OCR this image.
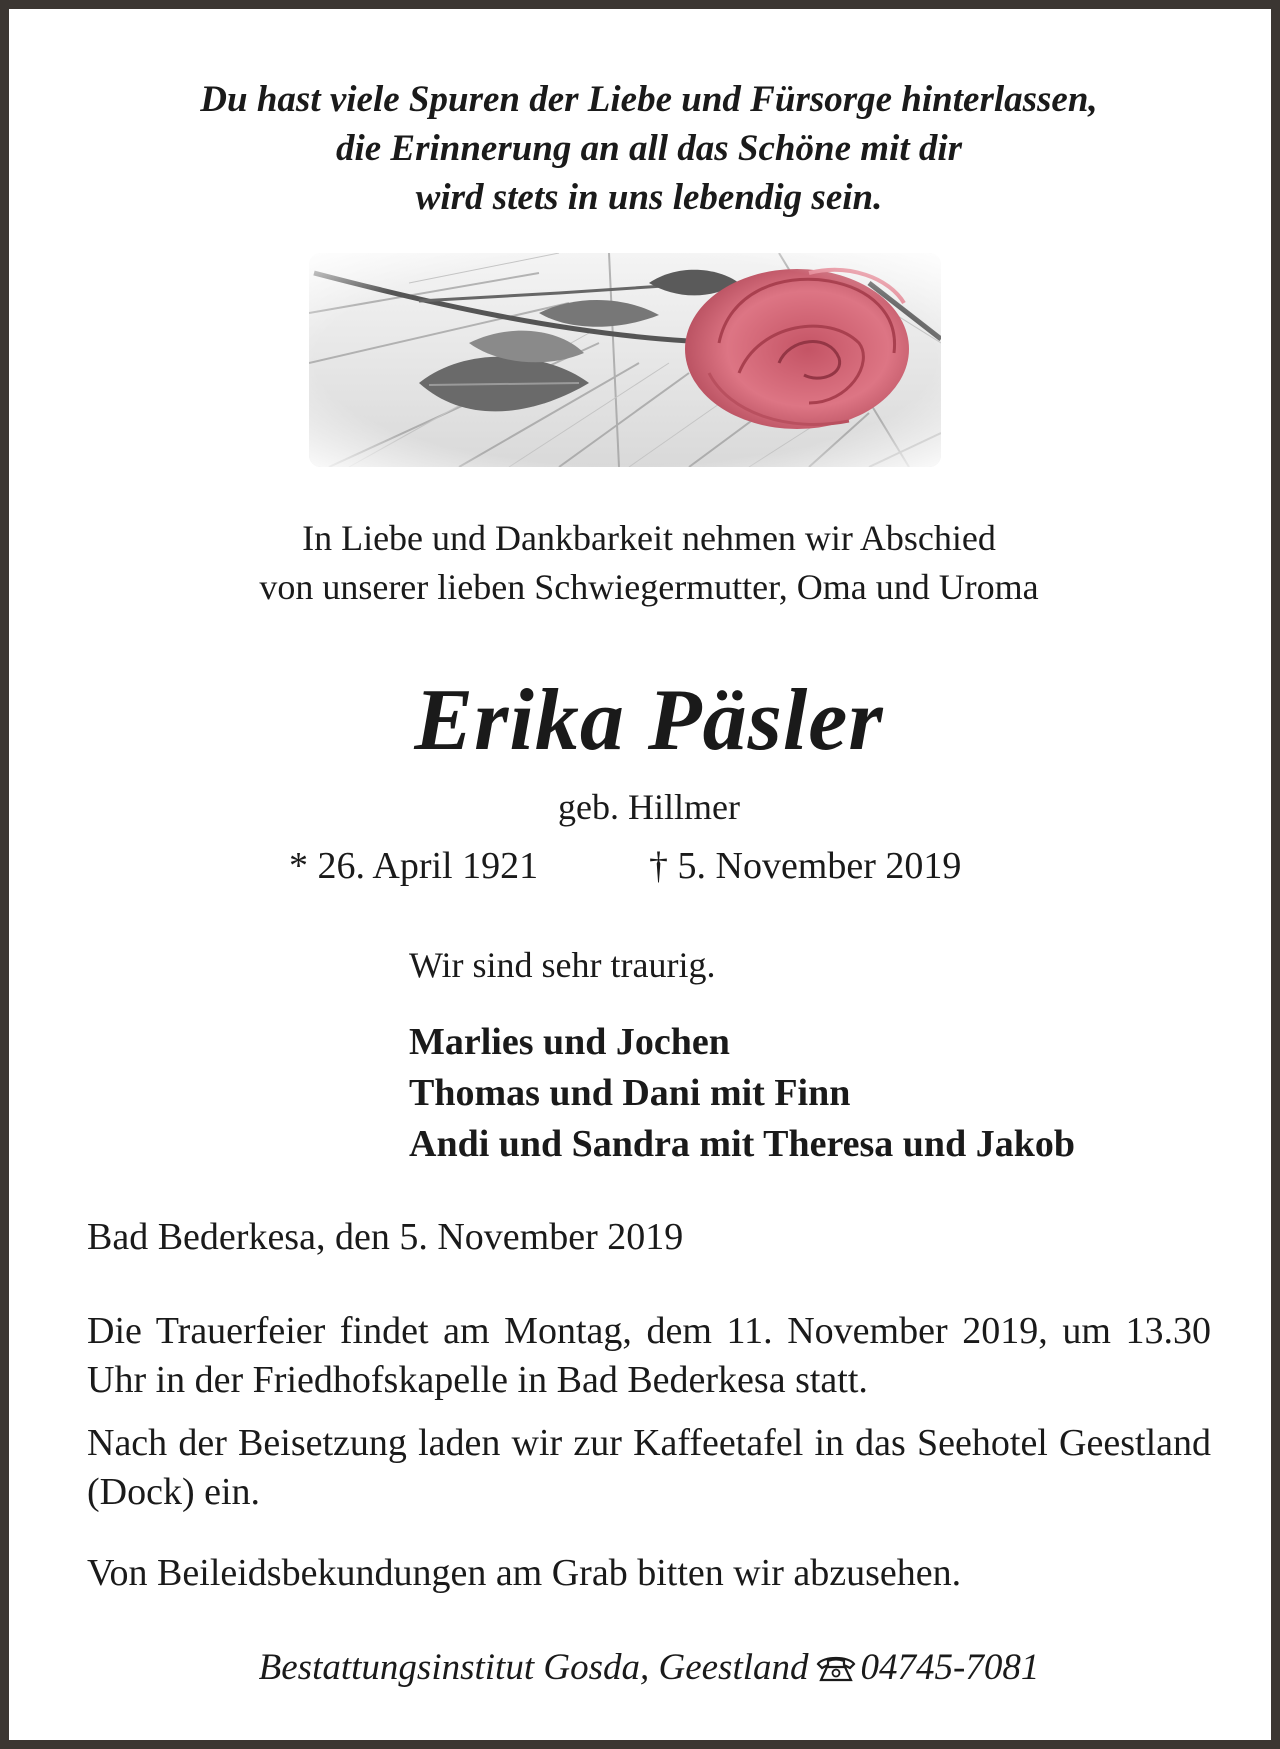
Du hast viele Spuren der Liebe und Fürsorge hinterlassen,
die Erinnerung an all das Schöne mit dir
wird stets in uns lebendig sein.
In Liebe und Dankbarkeit nehmen wir Abschied
von unserer lieben Schwiegermutter, Oma und Uroma
Erika Päsler
geb. Hillmer
* 26. April 1921	† 5. November 2019
Wir sind sehr traurig.
Marlies und Jochen
Thomas und Dani mit Finn
Andi und Sandra mit Theresa und Jakob
Bad Bederkesa, den 5. November 2019
Die Trauerfeier findet am Montag, dem 11. November 2019, um 13.30 Uhr in der Friedhofskapelle in Bad Bederkesa statt.
Nach der Beisetzung laden wir zur Kaffeetafel in das Seehotel Geestland (Dock) ein.
Von Beileidsbekundungen am Grab bitten wir abzusehen.
Bestattungsinstitut Gosda, Geestland 04745-7081
